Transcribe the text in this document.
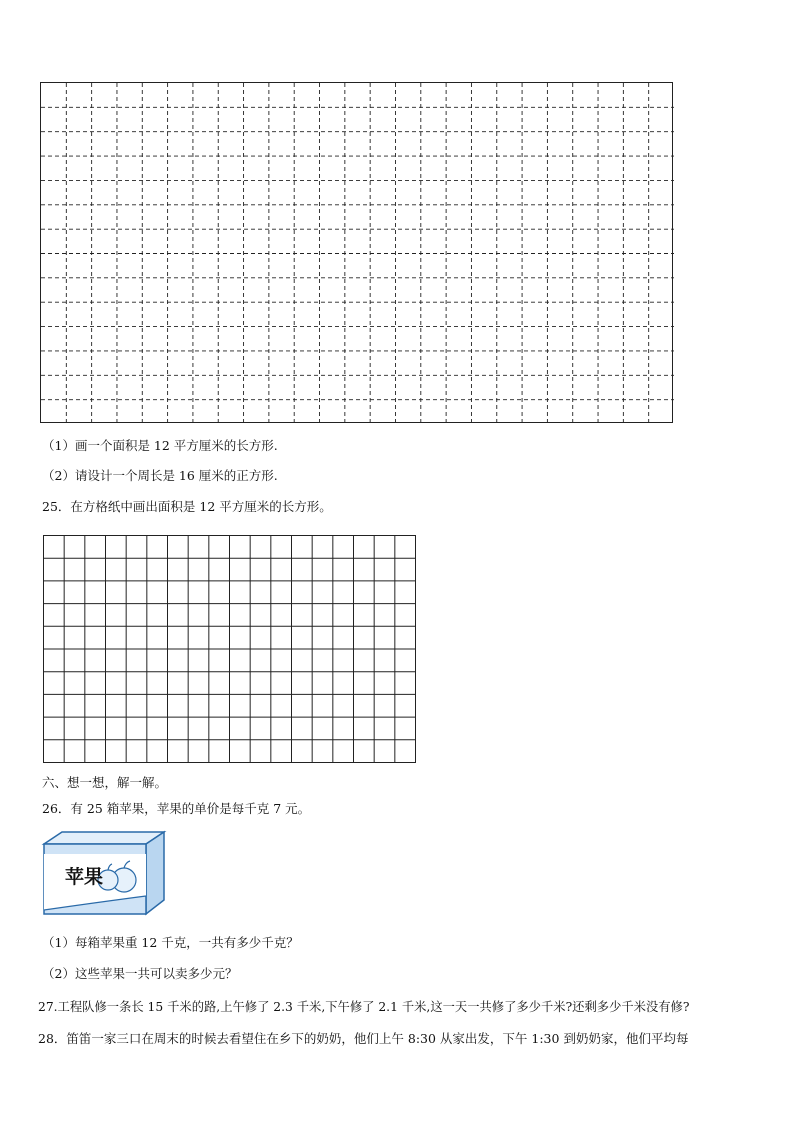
（1）画一个面积是 12 平方厘米的长方形.
（2）请设计一个周长是 16 厘米的正方形.
25．在方格纸中画出面积是 12 平方厘米的长方形。
六、想一想，解一解。
26．有 25 箱苹果，苹果的单价是每千克 7 元。
苹果
（1）每箱苹果重 12 千克，一共有多少千克？
（2）这些苹果一共可以卖多少元？
27.工程队修一条长 15 千米的路,上午修了 2.3 千米,下午修了 2.1 千米,这一天一共修了多少千米?还剩多少千米没有修?
28．笛笛一家三口在周末的时候去看望住在乡下的奶奶，他们上午 8:30 从家出发，下午 1:30 到奶奶家，他们平均每
